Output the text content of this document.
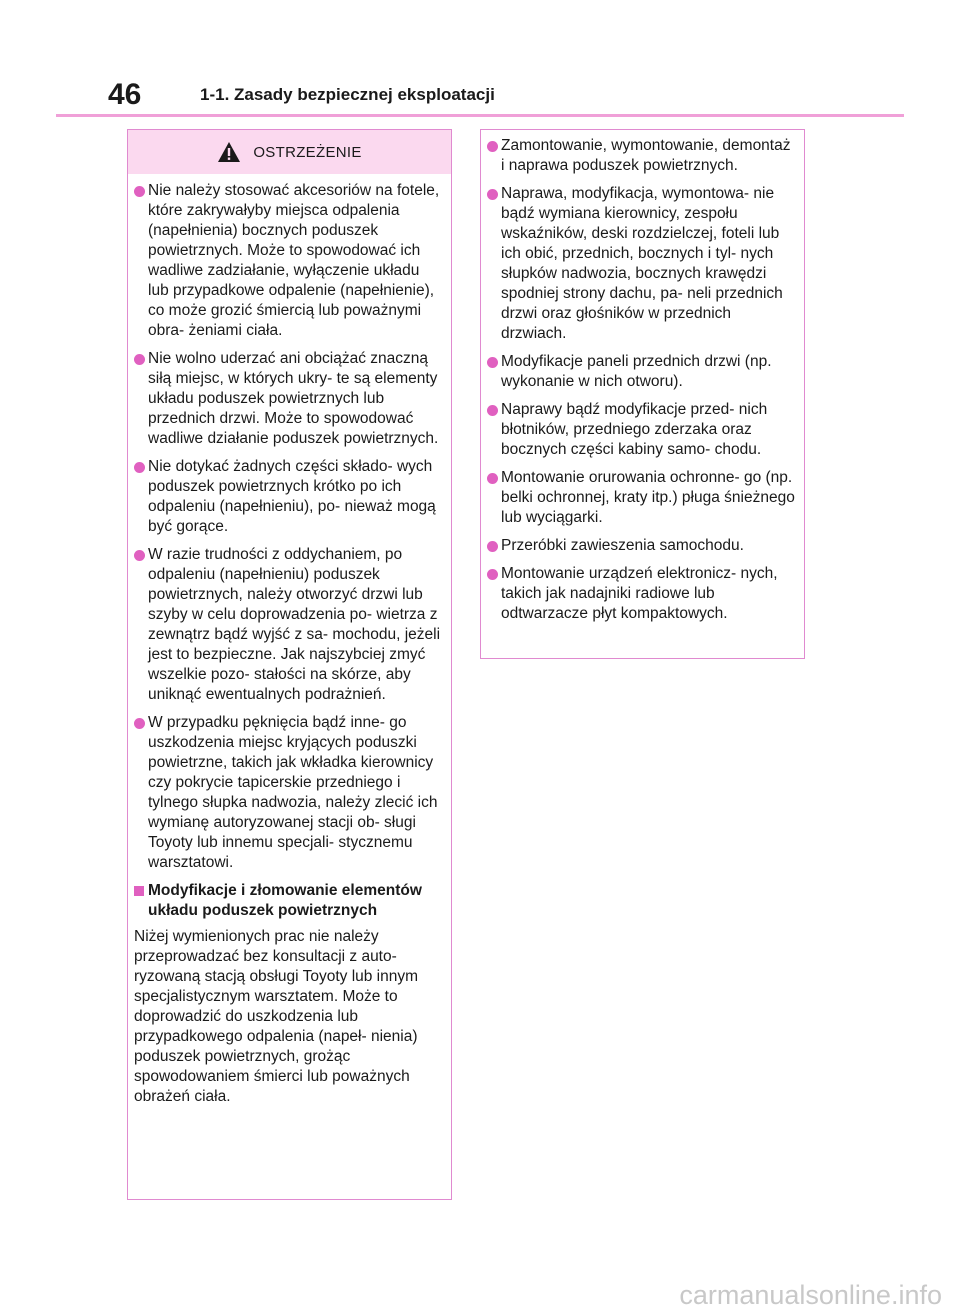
46	1-1. Zasady bezpiecznej eksploatacji
OSTRZEŻENIE
Nie należy stosować akcesoriów na fotele, które zakrywałyby miejsca odpalenia (napełnienia) bocznych poduszek powietrznych. Może to spowodować ich wadliwe zadziałanie, wyłączenie układu lub przypadkowe odpalenie (napełnienie), co może grozić śmiercią lub poważnymi obra- żeniami ciała.
Nie wolno uderzać ani obciążać znaczną siłą miejsc, w których ukry- te są elementy układu poduszek powietrznych lub przednich drzwi. Może to spowodować wadliwe działanie poduszek powietrznych.
Nie dotykać żadnych części składo- wych poduszek powietrznych krótko po ich odpaleniu (napełnieniu), po- nieważ mogą być gorące.
W razie trudności z oddychaniem, po odpaleniu (napełnieniu) poduszek powietrznych, należy otworzyć drzwi lub szyby w celu doprowadzenia po- wietrza z zewnątrz bądź wyjść z sa- mochodu, jeżeli jest to bezpieczne. Jak najszybciej zmyć wszelkie pozo- stałości na skórze, aby uniknąć ewentualnych podrażnień.
W przypadku pęknięcia bądź inne- go uszkodzenia miejsc kryjących poduszki powietrzne, takich jak wkładka kierownicy czy pokrycie tapicerskie przedniego i tylnego słupka nadwozia, należy zlecić ich wymianę autoryzowanej stacji ob- sługi Toyoty lub innemu specjali- stycznemu warsztatowi.
Modyfikacje i złomowanie elementów układu poduszek powietrznych

Niżej wymienionych prac nie należy przeprowadzać bez konsultacji z auto- ryzowaną stacją obsługi Toyoty lub innym specjalistycznym warsztatem. Może to doprowadzić do uszkodzenia lub przypadkowego odpalenia (napeł- nienia) poduszek powietrznych, grożąc spowodowaniem śmierci lub poważnych obrażeń ciała.

Zamontowanie, wymontowanie, demontaż i naprawa poduszek powietrznych.
Naprawa, modyfikacja, wymontowa- nie bądź wymiana kierownicy, zespołu wskaźników, deski rozdzielczej, foteli lub ich obić, przednich, bocznych i tyl- nych słupków nadwozia, bocznych krawędzi spodniej strony dachu, pa- neli przednich drzwi oraz głośników w przednich drzwiach.
Modyfikacje paneli przednich drzwi (np. wykonanie w nich otworu).
Naprawy bądź modyfikacje przed- nich błotników, przedniego zderzaka oraz bocznych części kabiny samo- chodu.
Montowanie orurowania ochronne- go (np. belki ochronnej, kraty itp.) pługa śnieżnego lub wyciągarki.
Przeróbki zawieszenia samochodu.
Montowanie urządzeń elektronicz- nych, takich jak nadajniki radiowe lub odtwarzacze płyt kompaktowych.
carmanualsonline.info
